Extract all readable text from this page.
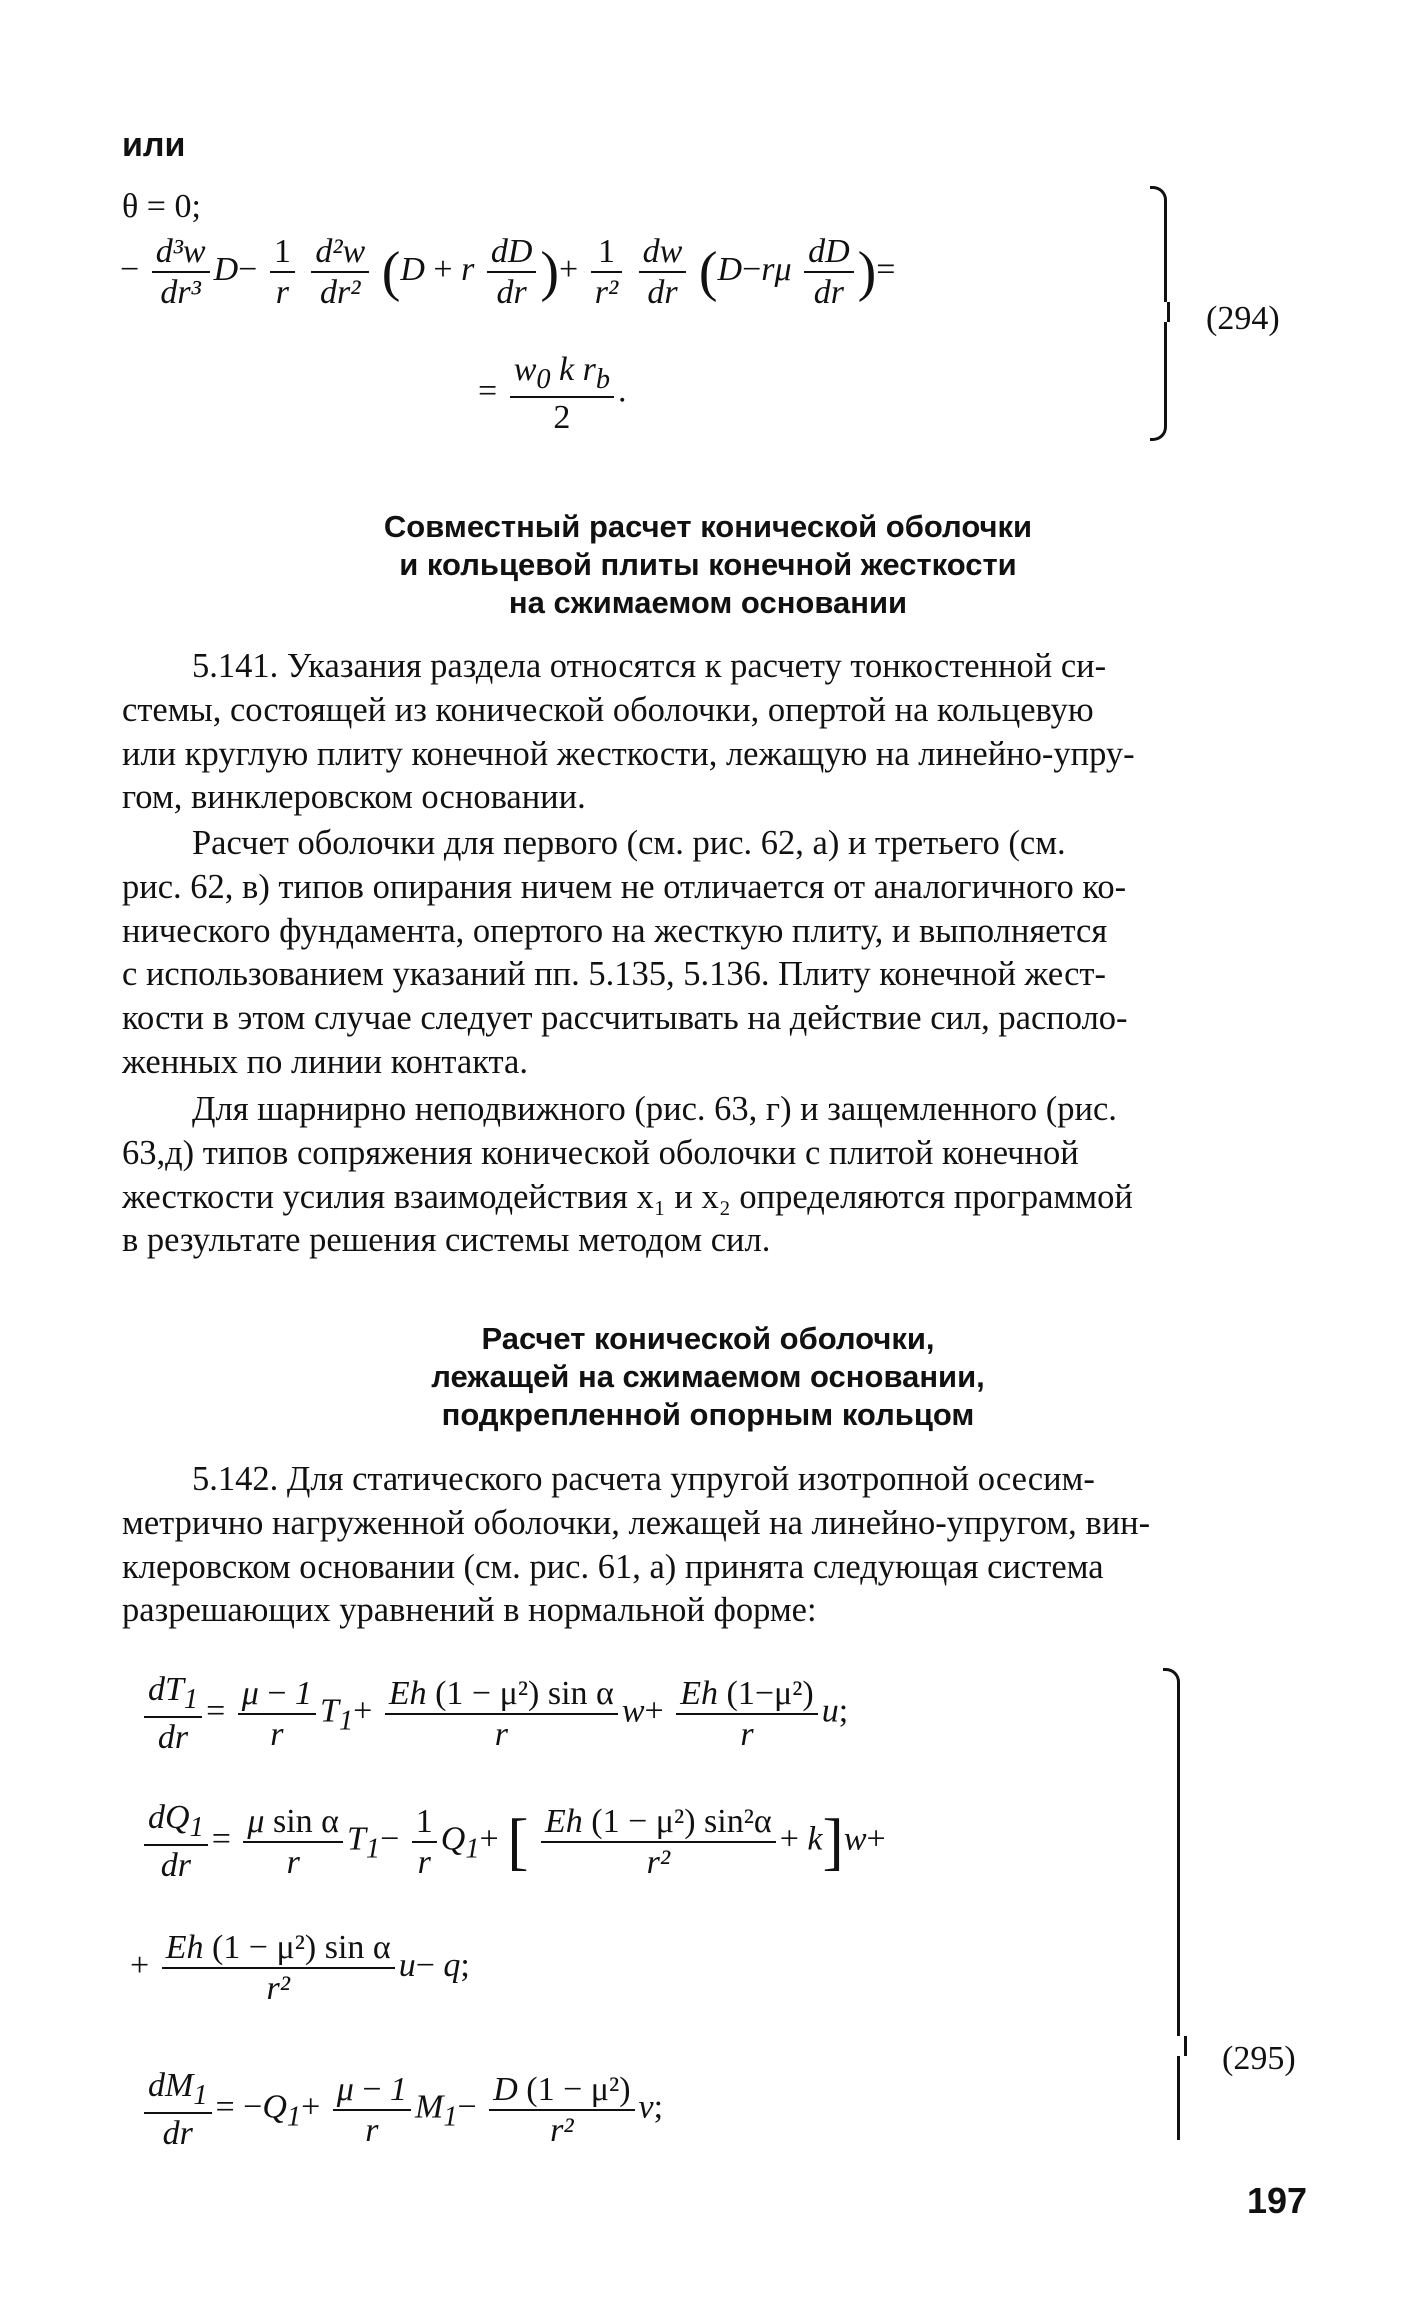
или
θ = 0;
− $\frac{\text{d³w}}{\text{dr³}} D- \frac{1}{r}$
$\frac{\text{d²w}}{\text{dr²}} (D + r \frac{dD}{dr}$ )+ $\frac{1}{\text{r²}}$
$\frac{dw}{dr} (D-r\mu \frac{dD}{dr}$ )=
= $\frac{w_0 k r_b}{2}$ .
(294)
Совместный расчет конической оболочки
и кольцевой плиты конечной жесткости
на сжимаемом основании
5.141. Указания раздела относятся к расчету тонкостенной си-
стемы, состоящей из конической оболочки, опертой на кольцевую
или круглую плиту конечной жесткости, лежащую на линейно-упру-
гом, винклеровском основании.
Расчет оболочки для первого (см. рис. 62, а) и третьего (см.
рис. 62, в) типов опирания ничем не отличается от аналогичного ко-
нического фундамента, опертого на жесткую плиту, и выполняется
с использованием указаний пп. 5.135, 5.136. Плиту конечной жест-
кости в этом случае следует рассчитывать на действие сил, располо-
женных по линии контакта.
Для шарнирно неподвижного (рис. 63, г) и защемленного (рис.
63,д) типов сопряжения конической оболочки с плитой конечной
жесткости усилия взаимодействия x₁ и x₂ определяются программой
в результате решения системы методом сил.
Расчет конической оболочки,
лежащей на сжимаемом основании,
подкрепленной опорным кольцом
5.142. Для статического расчета упругой изотропной осесим-
метрично нагруженной оболочки, лежащей на линейно-упругом, вин-
клеровском основании (см. рис. 61, а) принята следующая система
разрешающих уравнений в нормальной форме:
$\frac{dT_1}{dr} = \frac{\mu - 1}{r} T_1+ \frac{\text{Eh (1 − μ²) sin α}}{r} w+ \frac{\text{Eh (1−μ²)}}{r} u$;
$\frac{dQ_1}{dr} = \frac{\text{μ sin α}}{r} T_1- \frac{1}{r} Q_1+$ [ $\frac{\text{Eh (1 − μ²) sin²α}}{\text{r²}} + k]w+$
+ $\frac{\text{Eh (1 − μ²) sin α}}{\text{r²}} u- q$;
$\frac{dM_1}{dr} = -Q_1+ \frac{\mu - 1}{r} M_1- \frac{\text{D (1 − μ²)}}{\text{r²}} v$;
(295)
197
